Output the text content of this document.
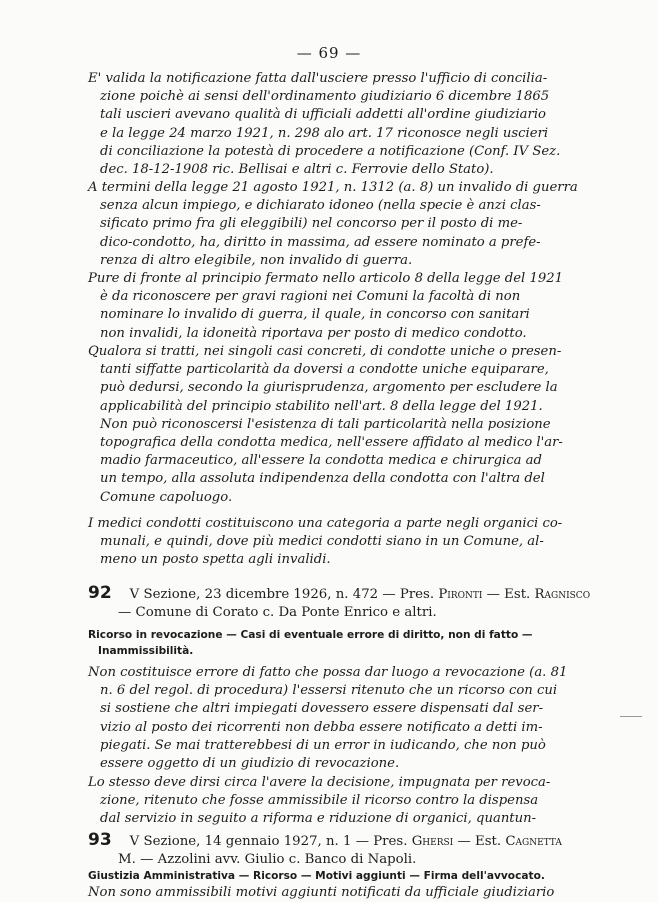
— 69 —
E' valida la notificazione fatta dall'usciere presso l'ufficio di concilia-
zione poichè ai sensi dell'ordinamento giudiziario 6 dicembre 1865
tali uscieri avevano qualità di ufficiali addetti all'ordine giudiziario
e la legge 24 marzo 1921, n. 298 alo art. 17 riconosce negli uscieri
di conciliazione la potestà di procedere a notificazione (Conf. IV Sez.
dec. 18-12-1908 ric. Bellisai e altri c. Ferrovie dello Stato).
A termini della legge 21 agosto 1921, n. 1312 (a. 8) un invalido di guerra
senza alcun impiego, e dichiarato idoneo (nella specie è anzi clas-
sificato primo fra gli eleggibili) nel concorso per il posto di me-
dico-condotto, ha, diritto in massima, ad essere nominato a prefe-
renza di altro elegibile, non invalido di guerra.
Pure di fronte al principio fermato nello articolo 8 della legge del 1921
è da riconoscere per gravi ragioni nei Comuni la facoltà di non
nominare lo invalido di guerra, il quale, in concorso con sanitari
non invalidi, la idoneità riportava per posto di medico condotto.
Qualora si tratti, nei singoli casi concreti, di condotte uniche o presen-
tanti siffatte particolarità da doversi a condotte uniche equiparare,
può dedursi, secondo la giurisprudenza, argomento per escludere la
applicabilità del principio stabilito nell'art. 8 della legge del 1921.
Non può riconoscersi l'esistenza di tali particolarità nella posizione
topografica della condotta medica, nell'essere affidato al medico l'ar-
madio farmaceutico, all'essere la condotta medica e chirurgica ad
un tempo, alla assoluta indipendenza della condotta con l'altra del
Comune capoluogo.
I medici condotti costituiscono una categoria a parte negli organici co-
munali, e quindi, dove più medici condotti siano in un Comune, al-
meno un posto spetta agli invalidi.
92 V Sezione, 23 dicembre 1926, n. 472 — Pres. Pironti — Est. Ragnisco
— Comune di Corato c. Da Ponte Enrico e altri.
Ricorso in revocazione — Casi di eventuale errore di diritto, non di fatto —
Inammissibilità.
Non costituisce errore di fatto che possa dar luogo a revocazione (a. 81
n. 6 del regol. di procedura) l'essersi ritenuto che un ricorso con cui
si sostiene che altri impiegati dovessero essere dispensati dal ser-
vizio al posto dei ricorrenti non debba essere notificato a detti im-
piegati. Se mai tratterebbesi di un error in iudicando, che non può
essere oggetto di un giudizio di revocazione.
Lo stesso deve dirsi circa l'avere la decisione, impugnata per revoca-
zione, ritenuto che fosse ammissibile il ricorso contro la dispensa
dal servizio in seguito a riforma e riduzione di organici, quantun-
93 V Sezione, 14 gennaio 1927, n. 1 — Pres. Ghersi — Est. Cagnetta
M. — Azzolini avv. Giulio c. Banco di Napoli.
Giustizia Amministrativa — Ricorso — Motivi aggiunti — Firma dell'avvocato.
Non sono ammissibili motivi aggiunti notificati da ufficiale giudiziario
